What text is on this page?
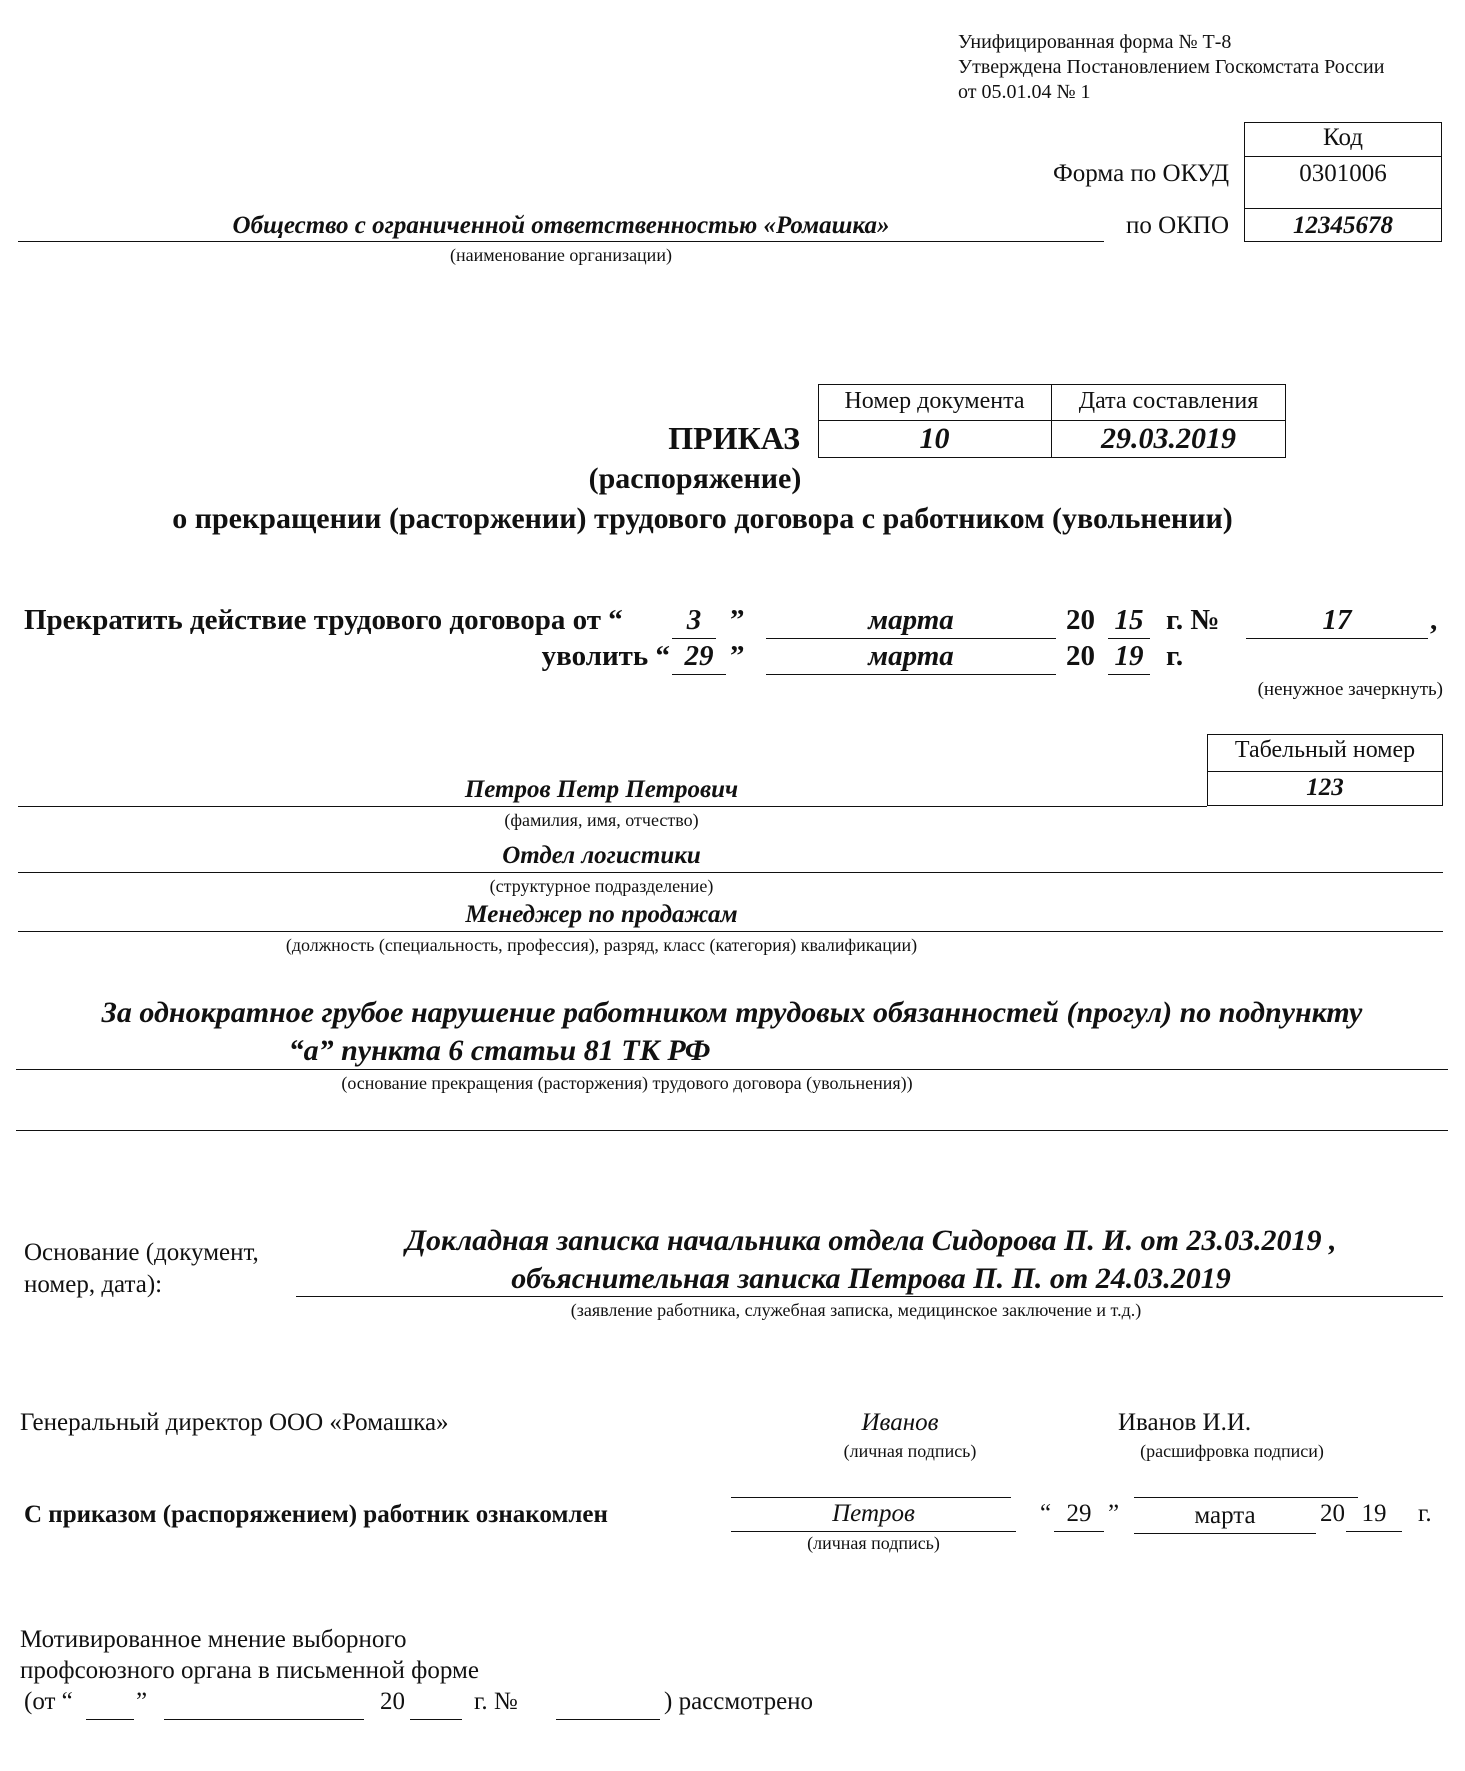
Унифицированная форма № Т-8
Утверждена Постановлением Госкомстата России
от 05.01.04 № 1
Код
Форма по ОКУД	0301006
по ОКПО	12345678
Общество с ограниченной ответственностью «Ромашка»
(наименование организации)
Номер документа	Дата составления
10	29.03.2019
ПРИКАЗ
(распоряжение)
о прекращении (расторжении) трудового договора с работником (увольнении)
Прекратить действие трудового договора от “	3 ”	марта	20 15 г. №	17	,
уволить “ 29 ”	марта	20 19 г.
(ненужное зачеркнуть)
Табельный номер
123
Петров Петр Петрович
(фамилия, имя, отчество)
Отдел логистики
(структурное подразделение)
Менеджер по продажам
(должность (специальность, профессия), разряд, класс (категория) квалификации)
За однократное грубое нарушение работником трудовых обязанностей (прогул) по подпункту
“а” пункта 6 статьи 81 ТК РФ
(основание прекращения (расторжения) трудового договора (увольнения))
Основание (документ,
номер, дата):
Докладная записка начальника отдела Сидорова П. И. от 23.03.2019 ,
объяснительная записка Петрова П. П. от 24.03.2019
(заявление работника, служебная записка, медицинское заключение и т.д.)
Генеральный директор ООО «Ромашка»	Иванов
(личная подпись)
Иванов И.И.
(расшифровка подписи)
С приказом (распоряжением) работник ознакомлен	Петров
(личная подпись)
“ 29 ”	марта	20 19	г.
Мотивированное мнение выборного
профсоюзного органа в письменной форме
(от “	”	20	г. №	) рассмотрено
